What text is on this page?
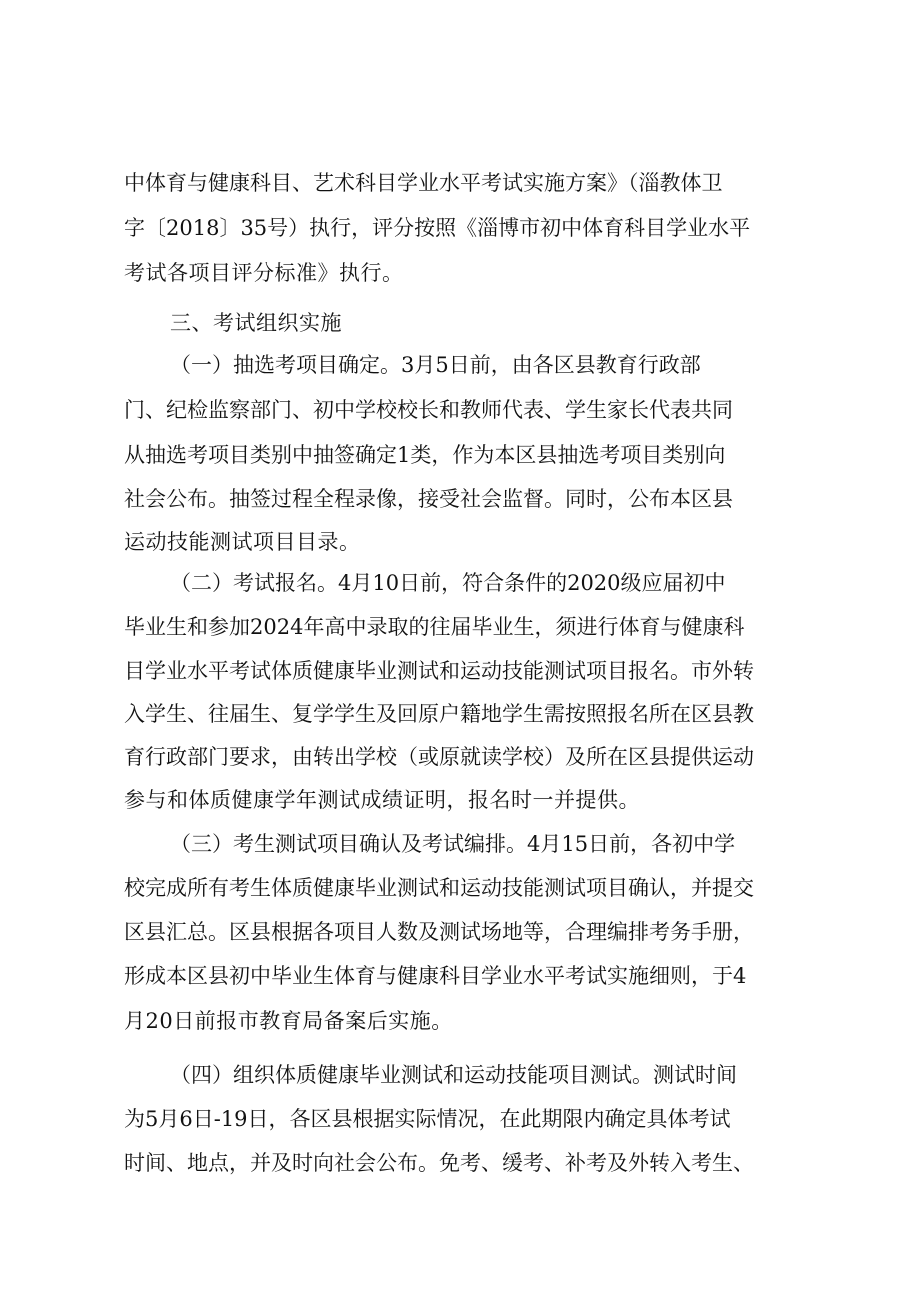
中体育与健康科目、艺术科目学业水平考试实施方案》（淄教体卫
字〔2018〕35号）执行，评分按照《淄博市初中体育科目学业水平
考试各项目评分标准》执行。
三、考试组织实施
（一）抽选考项目确定。3月5日前，由各区县教育行政部
门、纪检监察部门、初中学校校长和教师代表、学生家长代表共同
从抽选考项目类别中抽签确定1类，作为本区县抽选考项目类别向
社会公布。抽签过程全程录像，接受社会监督。同时，公布本区县
运动技能测试项目目录。
（二）考试报名。4月10日前，符合条件的2020级应届初中
毕业生和参加2024年高中录取的往届毕业生，须进行体育与健康科
目学业水平考试体质健康毕业测试和运动技能测试项目报名。市外转
入学生、往届生、复学学生及回原户籍地学生需按照报名所在区县教
育行政部门要求，由转出学校（或原就读学校）及所在区县提供运动
参与和体质健康学年测试成绩证明，报名时一并提供。
（三）考生测试项目确认及考试编排。4月15日前，各初中学
校完成所有考生体质健康毕业测试和运动技能测试项目确认，并提交
区县汇总。区县根据各项目人数及测试场地等，合理编排考务手册，
形成本区县初中毕业生体育与健康科目学业水平考试实施细则，于4
月20日前报市教育局备案后实施。
（四）组织体质健康毕业测试和运动技能项目测试。测试时间
为5月6日-19日，各区县根据实际情况，在此期限内确定具体考试
时间、地点，并及时向社会公布。免考、缓考、补考及外转入考生、
